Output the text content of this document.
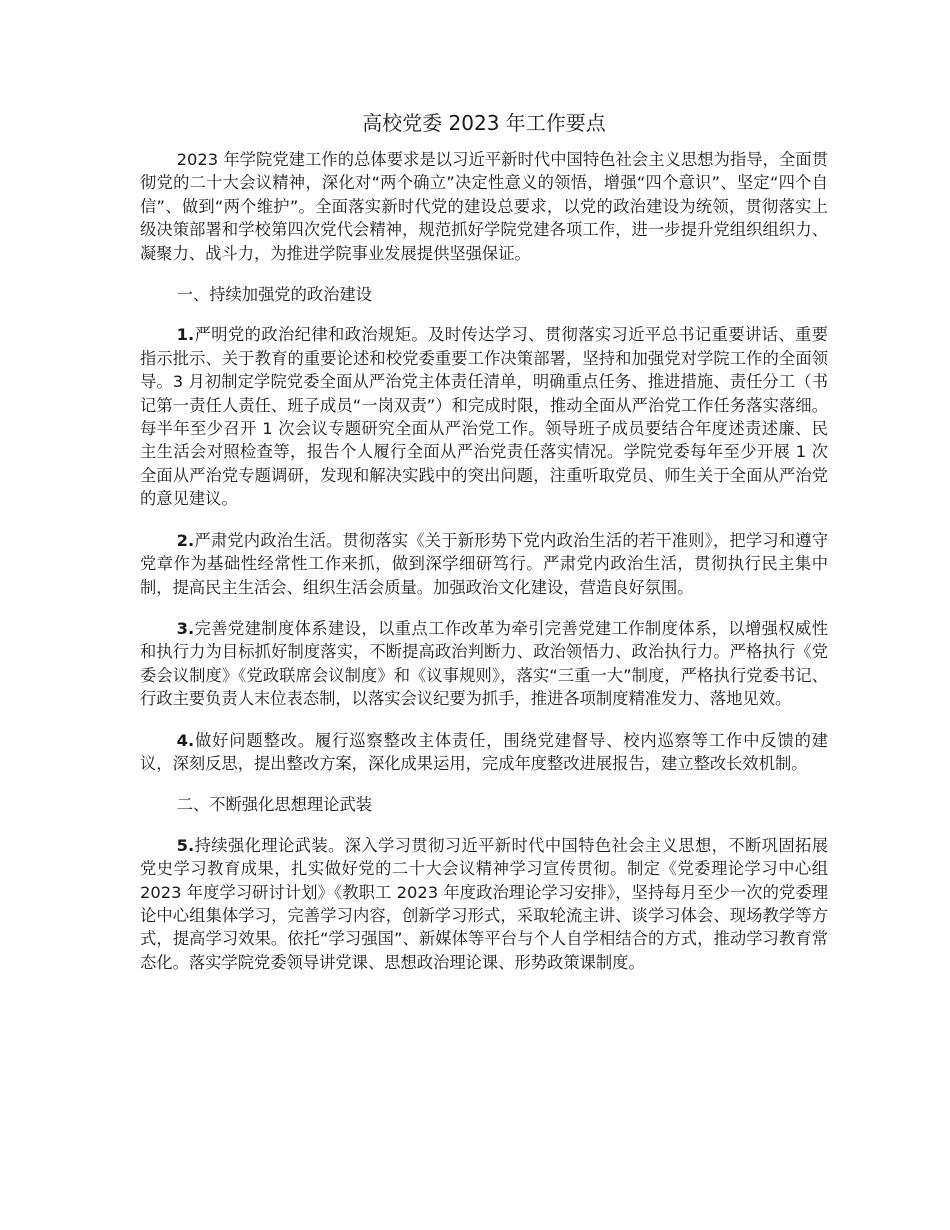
高校党委 2023 年工作要点

2023 年学院党建工作的总体要求是以习近平新时代中国特色社会主义思想为指导，全面贯彻党的二十大会议精神，深化对“两个确立”决定性意义的领悟，增强“四个意识”、坚定“四个自信”、做到“两个维护”。全面落实新时代党的建设总要求，以党的政治建设为统领，贯彻落实上级决策部署和学校第四次党代会精神，规范抓好学院党建各项工作，进一步提升党组织组织力、凝聚力、战斗力，为推进学院事业发展提供坚强保证。

一、持续加强党的政治建设

1.严明党的政治纪律和政治规矩。及时传达学习、贯彻落实习近平总书记重要讲话、重要指示批示、关于教育的重要论述和校党委重要工作决策部署，坚持和加强党对学院工作的全面领导。3 月初制定学院党委全面从严治党主体责任清单，明确重点任务、推进措施、责任分工（书记第一责任人责任、班子成员“一岗双责”）和完成时限，推动全面从严治党工作任务落实落细。每半年至少召开 1 次会议专题研究全面从严治党工作。领导班子成员要结合年度述责述廉、民主生活会对照检查等，报告个人履行全面从严治党责任落实情况。学院党委每年至少开展 1 次全面从严治党专题调研，发现和解决实践中的突出问题，注重听取党员、师生关于全面从严治党的意见建议。

2.严肃党内政治生活。贯彻落实《关于新形势下党内政治生活的若干准则》，把学习和遵守党章作为基础性经常性工作来抓，做到深学细研笃行。严肃党内政治生活，贯彻执行民主集中制，提高民主生活会、组织生活会质量。加强政治文化建设，营造良好氛围。

3.完善党建制度体系建设，以重点工作改革为牵引完善党建工作制度体系，以增强权威性和执行力为目标抓好制度落实，不断提高政治判断力、政治领悟力、政治执行力。严格执行《党委会议制度》《党政联席会议制度》和《议事规则》，落实“三重一大”制度，严格执行党委书记、行政主要负责人末位表态制，以落实会议纪要为抓手，推进各项制度精准发力、落地见效。

4.做好问题整改。履行巡察整改主体责任，围绕党建督导、校内巡察等工作中反馈的建议，深刻反思，提出整改方案，深化成果运用，完成年度整改进展报告，建立整改长效机制。

二、不断强化思想理论武装

5.持续强化理论武装。深入学习贯彻习近平新时代中国特色社会主义思想，不断巩固拓展党史学习教育成果，扎实做好党的二十大会议精神学习宣传贯彻。制定《党委理论学习中心组 2023 年度学习研讨计划》《教职工 2023 年度政治理论学习安排》，坚持每月至少一次的党委理论中心组集体学习，完善学习内容，创新学习形式，采取轮流主讲、谈学习体会、现场教学等方式，提高学习效果。依托“学习强国”、新媒体等平台与个人自学相结合的方式，推动学习教育常态化。落实学院党委领导讲党课、思想政治理论课、形势政策课制度。
